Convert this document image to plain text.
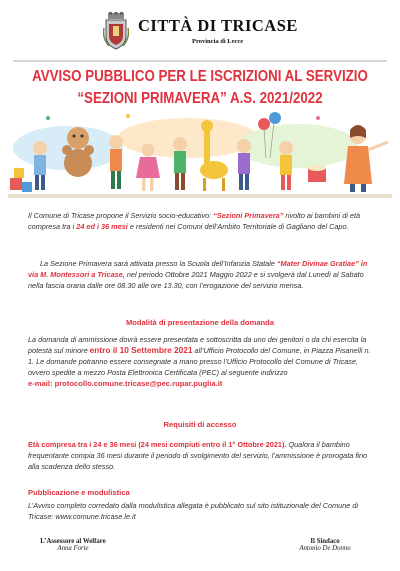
CITTÀ DI TRICASE
Provincia di Lecce
AVVISO PUBBLICO PER LE ISCRIZIONI AL SERVIZIO
“SEZIONI PRIMAVERA” A.S. 2021/2022
Il Comune di Tricase propone il Servizio socio-educativo: “Sezioni Primavera” rivolto ai bambini di età compresa tra i 24 ed i 36 mesi e residenti nei Comuni dell’Ambito Territoriale di Gagliano del Capo.
La Sezione Primavera sarà attivata presso la Scuola dell’Infanzia Statale “Mater Divinae Gratiae” in via M. Montessori a Tricase, nel periodo Ottobre 2021 Maggio 2022 e si svolgerà dal Lunedì al Sabato nella fascia oraria dalle ore 08.30 alle ore 13.30, con l’erogazione del servizio mensa.
Modalità di presentazione della domanda
La domanda di ammissione dovrà essere presentata e sottoscritta da uno dei genitori o da chi esercita la potestà sul minore entro il 10 Settembre 2021 all’Ufficio Protocollo del Comune, in Piazza Pisanelli n. 1. Le domande potranno essere consegnate a mano presso l’Ufficio Protocollo del Comune di Tricase, ovvero spedite a mezzo Posta Elettronica Certificata (PEC) al seguente indirizzo
e-mail: protocollo.comune.tricase@pec.rupar.puglia.it
Requisiti di accesso
Età compresa tra i 24 e 36 mesi (24 mesi compiuti entro il 1° Ottobre 2021). Qualora il bambino frequentante compia 36 mesi durante il periodo di svolgimento del servizio, l’ammissione è prorogata fino alla scadenza dello stesso.
Pubblicazione e modulistica
L’Avviso completo corredato dalla modulistica allegata è pubblicato sul sito istituzionale del Comune di Tricase: www.comune.tricase.le.it
L’Assessore al Welfare
Anna Forte
Il Sindaco
Antonio De Donno
